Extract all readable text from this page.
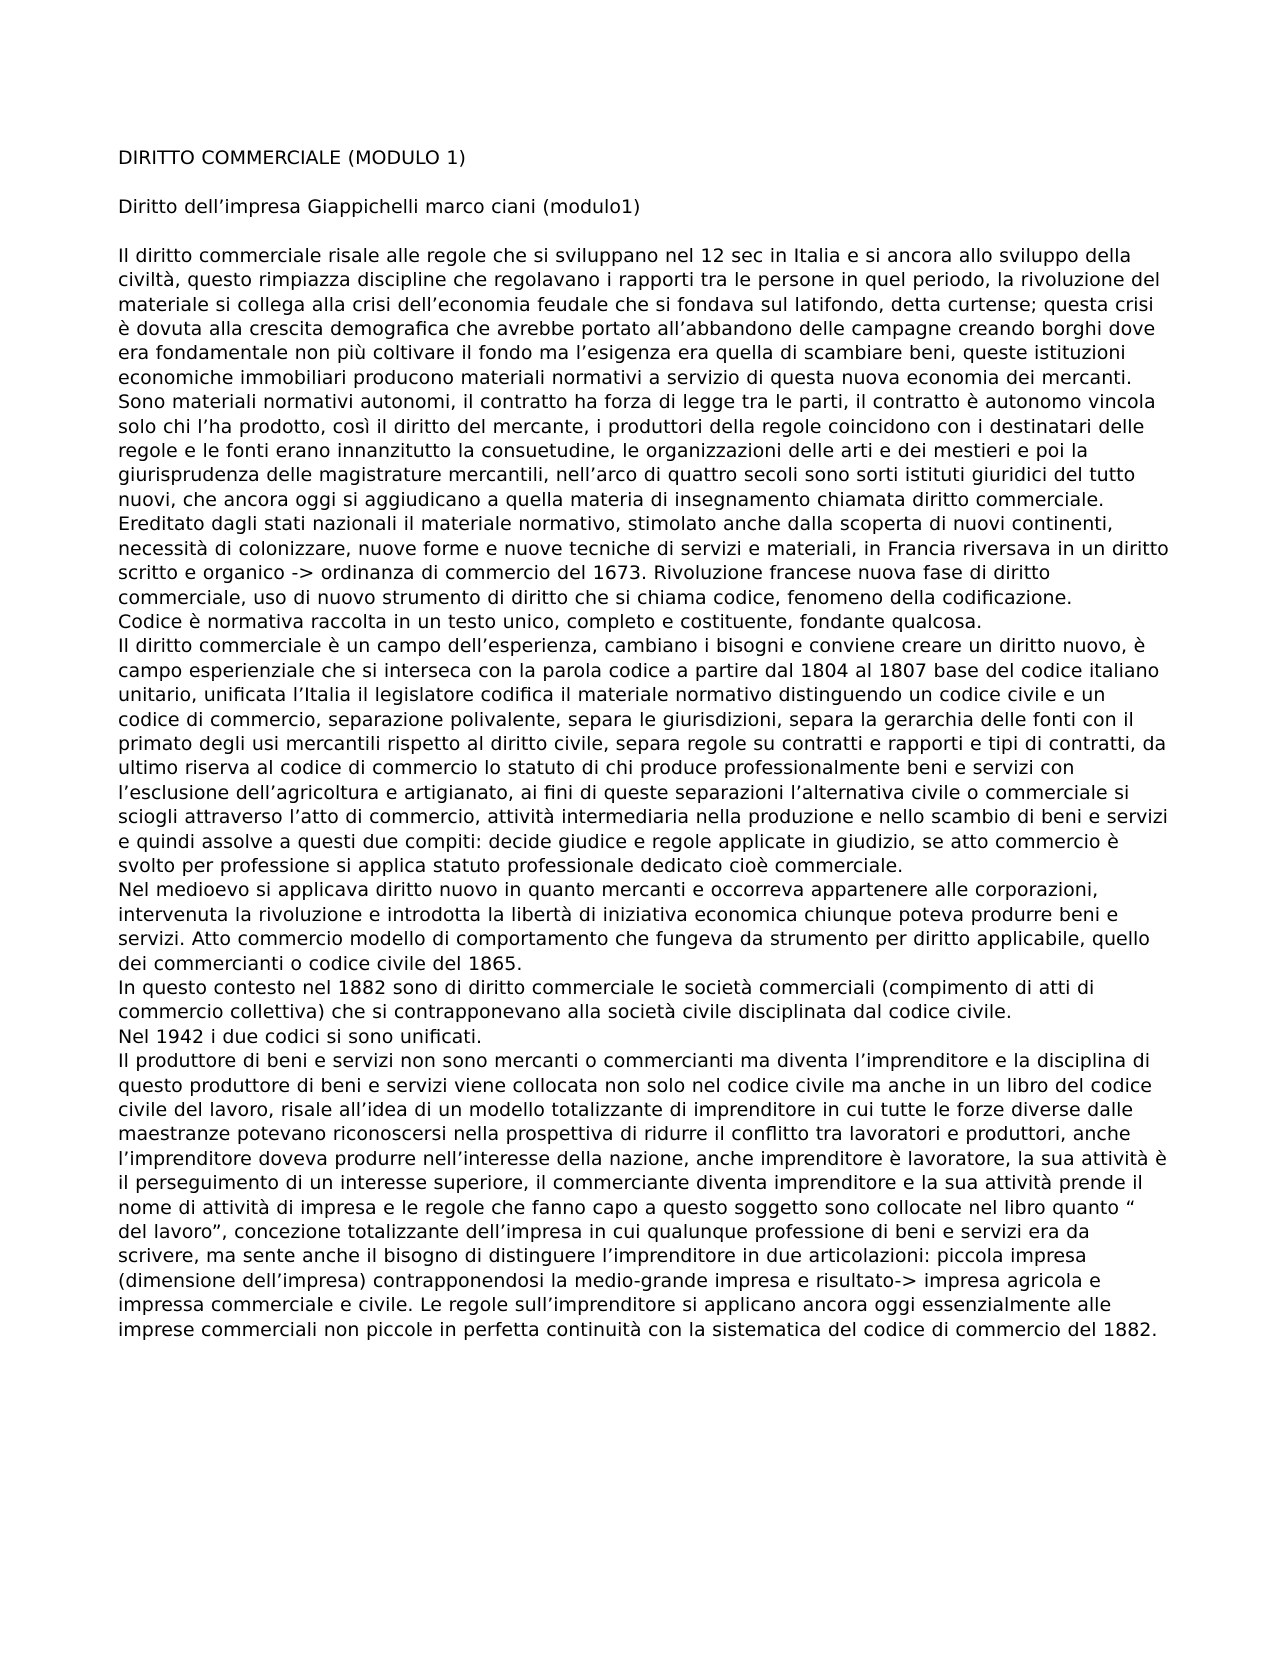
DIRITTO COMMERCIALE (MODULO 1)
Diritto dell’impresa Giappichelli marco ciani (modulo1)

Il diritto commerciale risale alle regole che si sviluppano nel 12 sec in Italia e si ancora allo sviluppo della civiltà, questo rimpiazza discipline che regolavano i rapporti tra le persone in quel periodo, la rivoluzione del materiale si collega alla crisi dell’economia feudale che si fondava sul latifondo, detta curtense; questa crisi è dovuta alla crescita demografica che avrebbe portato all’abbandono delle campagne creando borghi dove era fondamentale non più coltivare il fondo ma l’esigenza era quella di scambiare beni, queste istituzioni economiche immobiliari producono materiali normativi a servizio di questa nuova economia dei mercanti.

Sono materiali normativi autonomi, il contratto ha forza di legge tra le parti, il contratto è autonomo vincola solo chi l’ha prodotto, così il diritto del mercante, i produttori della regole coincidono con i destinatari delle regole e le fonti erano innanzitutto la consuetudine, le organizzazioni delle arti e dei mestieri e poi la giurisprudenza delle magistrature mercantili, nell’arco di quattro secoli sono sorti istituti giuridici del tutto nuovi, che ancora oggi si aggiudicano a quella materia di insegnamento chiamata diritto commerciale.

Ereditato dagli stati nazionali il materiale normativo, stimolato anche dalla scoperta di nuovi continenti, necessità di colonizzare, nuove forme e nuove tecniche di servizi e materiali, in Francia riversava in un diritto scritto e organico -> ordinanza di commercio del 1673. Rivoluzione francese nuova fase di diritto commerciale, uso di nuovo strumento di diritto che si chiama codice, fenomeno della codificazione.

Codice è normativa raccolta in un testo unico, completo e costituente, fondante qualcosa.

Il diritto commerciale è un campo dell’esperienza, cambiano i bisogni e conviene creare un diritto nuovo, è campo esperienziale che si interseca con la parola codice a partire dal 1804 al 1807 base del codice italiano unitario, unificata l’Italia il legislatore codifica il materiale normativo distinguendo un codice civile e un codice di commercio, separazione polivalente, separa le giurisdizioni, separa la gerarchia delle fonti con il primato degli usi mercantili rispetto al diritto civile, separa regole su contratti e rapporti e tipi di contratti, da ultimo riserva al codice di commercio lo statuto di chi produce professionalmente beni e servizi con l’esclusione dell’agricoltura e artigianato, ai fini di queste separazioni l’alternativa civile o commerciale si sciogli attraverso l’atto di commercio, attività intermediaria nella produzione e nello scambio di beni e servizi e quindi assolve a questi due compiti: decide giudice e regole applicate in giudizio, se atto commercio è svolto per professione si applica statuto professionale dedicato cioè commerciale.

Nel medioevo si applicava diritto nuovo in quanto mercanti e occorreva appartenere alle corporazioni, intervenuta la rivoluzione e introdotta la libertà di iniziativa economica chiunque poteva produrre beni e servizi. Atto commercio modello di comportamento che fungeva da strumento per diritto applicabile, quello dei commercianti o codice civile del 1865.

In questo contesto nel 1882 sono di diritto commerciale le società commerciali (compimento di atti di commercio collettiva) che si contrapponevano alla società civile disciplinata dal codice civile.

Nel 1942 i due codici si sono unificati.

Il produttore di beni e servizi non sono mercanti o commercianti ma diventa l’imprenditore e la disciplina di questo produttore di beni e servizi viene collocata non solo nel codice civile ma anche in un libro del codice civile del lavoro, risale all’idea di un modello totalizzante di imprenditore in cui tutte le forze diverse dalle maestranze potevano riconoscersi nella prospettiva di ridurre il conflitto tra lavoratori e produttori, anche l’imprenditore doveva produrre nell’interesse della nazione, anche imprenditore è lavoratore, la sua attività è il perseguimento di un interesse superiore, il commerciante diventa imprenditore e la sua attività prende il nome di attività di impresa e le regole che fanno capo a questo soggetto sono collocate nel libro quanto “ del lavoro”, concezione totalizzante dell’impresa in cui qualunque professione di beni e servizi era da scrivere, ma sente anche il bisogno di distinguere l’imprenditore in due articolazioni: piccola impresa (dimensione dell’impresa) contrapponendosi la medio-grande impresa e risultato-> impresa agricola e impressa commerciale e civile. Le regole sull’imprenditore si applicano ancora oggi essenzialmente alle imprese commerciali non piccole in perfetta continuità con la sistematica del codice di commercio del 1882.
